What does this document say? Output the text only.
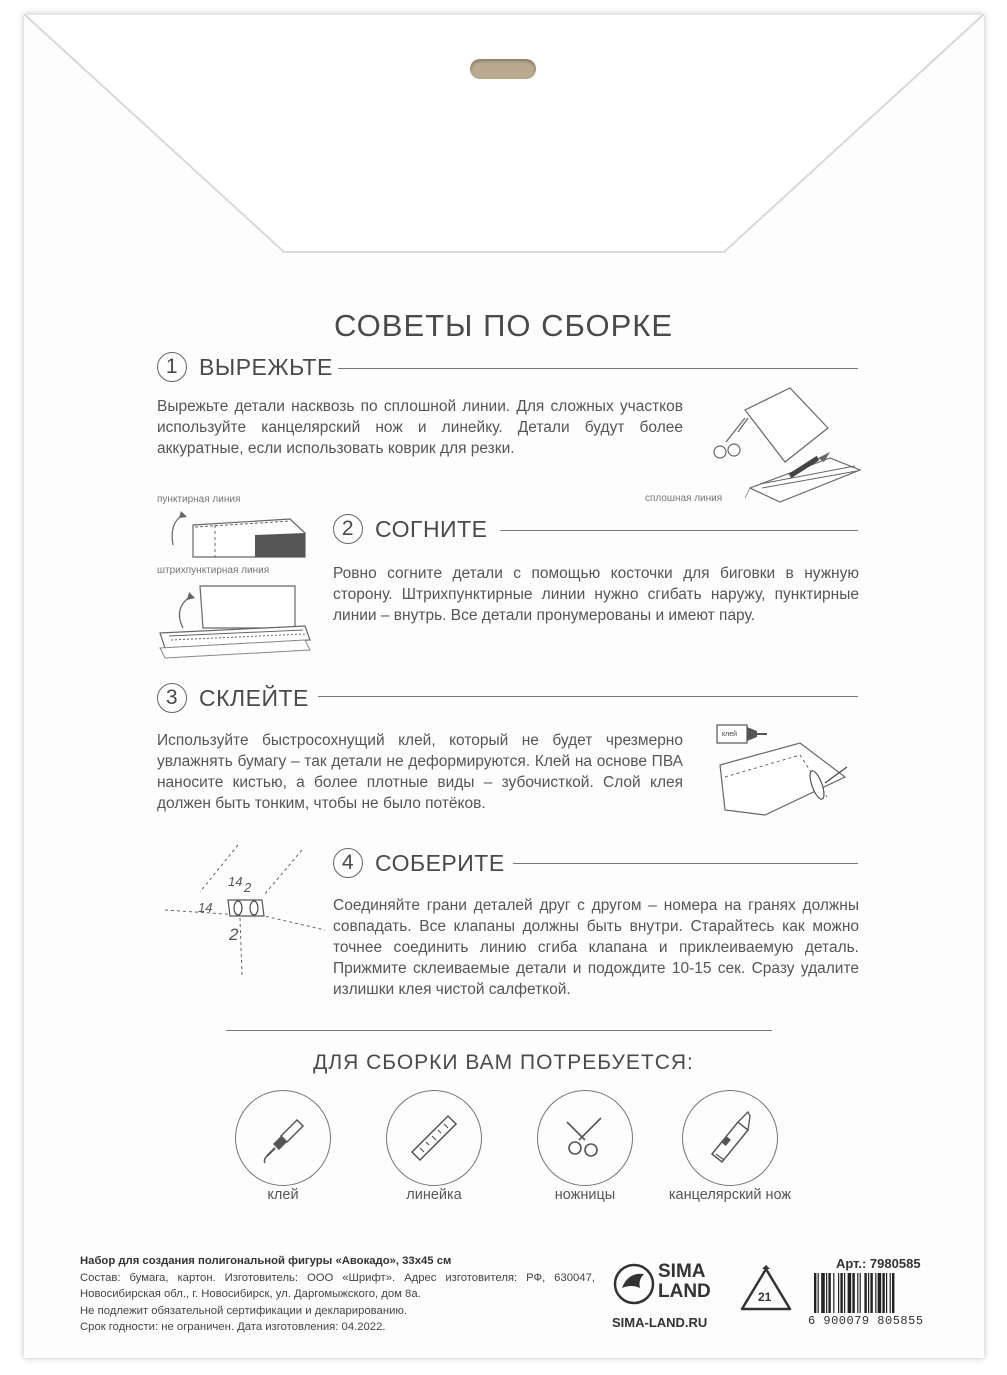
СОВЕТЫ ПО СБОРКЕ
1 ВЫРЕЖЬТЕ
Вырежьте детали насквозь по сплошной линии. Для сложных участков используйте канцелярский нож и линейку. Детали будут более аккуратные, если использовать коврик для резки.
сплошная линия
пунктирная линия
штрихпунктирная линия
2 СОГНИТЕ
Ровно согните детали с помощью косточки для биговки в нужную сторону. Штрихпунктирные линии нужно сгибать наружу, пунктирные линии – внутрь. Все детали пронумерованы и имеют пару.
3 СКЛЕЙТЕ
Используйте быстросохнущий клей, который не будет чрезмерно увлажнять бумагу – так детали не деформируются. Клей на основе ПВА наносите кистью, а более плотные виды – зубочисткой. Слой клея должен быть тонким, чтобы не было потёков.
клей
14 2
14
2
4 СОБЕРИТЕ
Соединяйте грани деталей друг с другом – номера на гранях должны совпадать. Все клапаны должны быть внутри. Старайтесь как можно точнее соединить линию сгиба клапана и приклеиваемую деталь. Прижмите склеиваемые детали и подождите 10-15 сек. Сразу удалите излишки клея чистой салфеткой.
ДЛЯ СБОРКИ ВАМ ПОТРЕБУЕТСЯ:
клей	линейка	ножницы	канцелярский нож
Набор для создания полигональной фигуры «Авокадо», 33х45 см
Состав: бумага, картон. Изготовитель: ООО «Шрифт». Адрес изготовителя: РФ, 630047, Новосибирская обл., г. Новосибирск, ул. Даргомыжского, дом 8а.
Не подлежит обязательной сертификации и декларированию.
Срок годности: не ограничен. Дата изготовления: 04.2022.
SIMA
LAND
SIMA-LAND.RU
21
Арт.: 7980585
6 900079 805855
